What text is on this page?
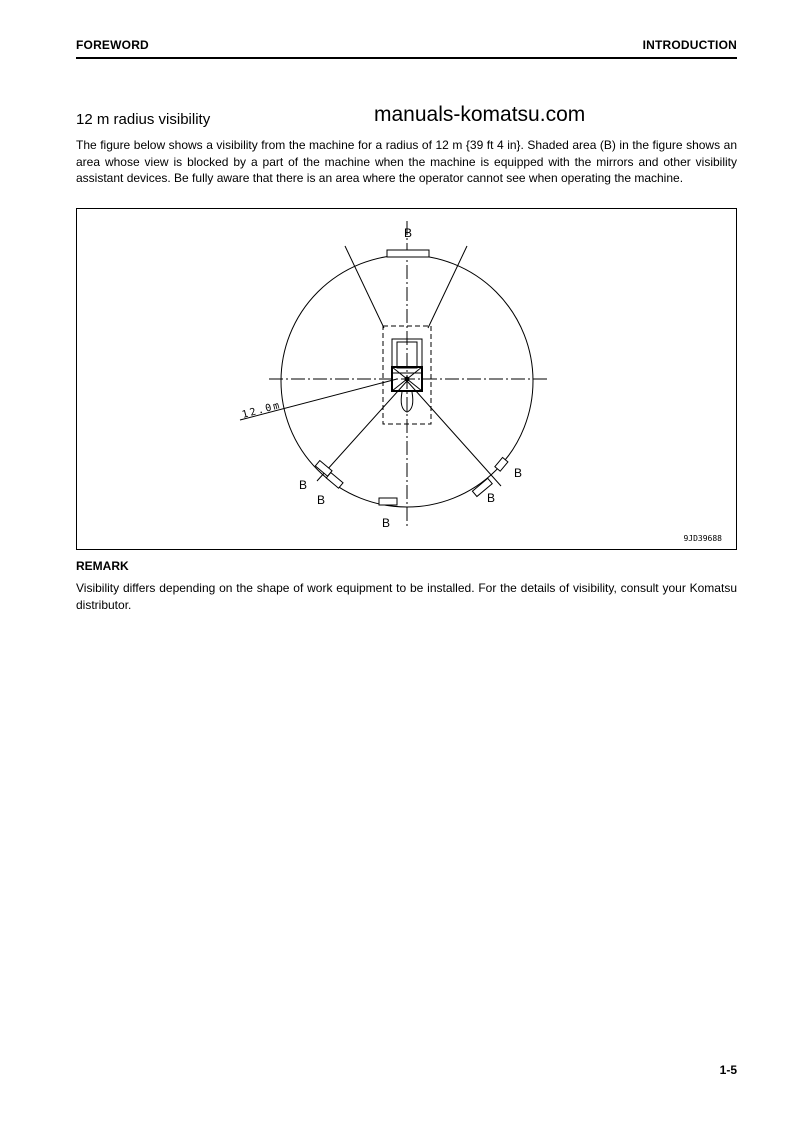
FOREWORD	INTRODUCTION
12 m radius visibility	manuals-komatsu.com
The figure below shows a visibility from the machine for a radius of 12 m {39 ft 4 in}. Shaded area (B) in the figure shows an area whose view is blocked by a part of the machine when the machine is equipped with the mirrors and other visibility assistant devices. Be fully aware that there is an area where the operator cannot see when operating the machine.
B
B
B
B
B
B
12.0m
9JD39688
REMARK
Visibility differs depending on the shape of work equipment to be installed. For the details of visibility, consult your Komatsu distributor.
1-5
